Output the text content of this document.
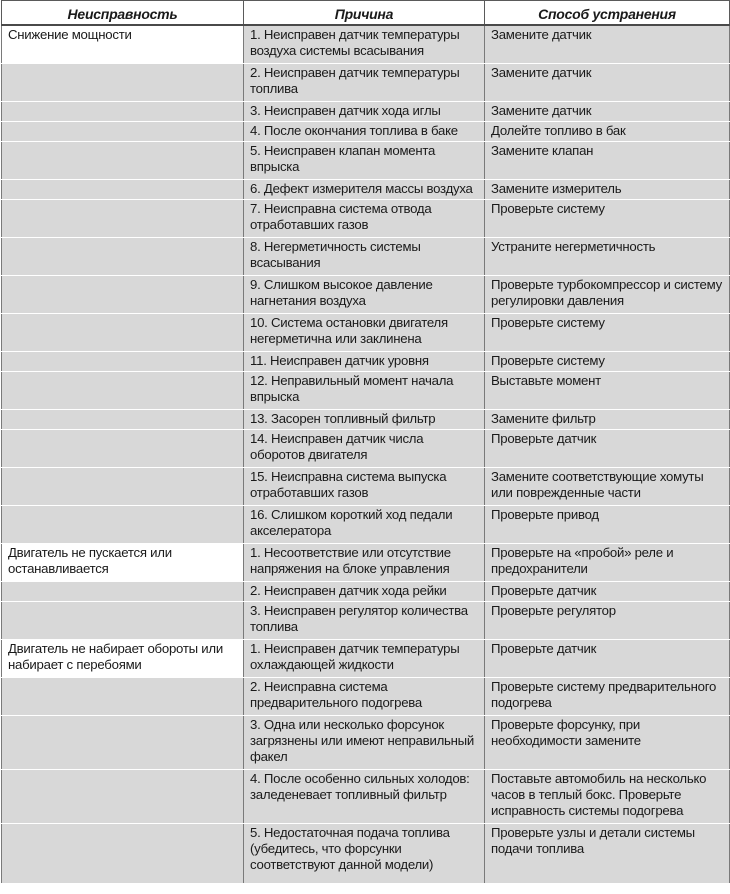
Неисправность	Причина	Способ устранения
Снижение мощности	1. Неисправен датчик температуры воздуха системы всасывания	Замените датчик
	2. Неисправен датчик температуры топлива	Замените датчик
	3. Неисправен датчик хода иглы	Замените датчик
	4. После окончания топлива в баке	Долейте топливо в бак
	5. Неисправен клапан момента впрыска	Замените клапан
	6. Дефект измерителя массы воздуха	Замените измеритель
	7. Неисправна система отвода отработавших газов	Проверьте систему
	8. Негерметичность системы всасывания	Устраните негерметичность
	9. Слишком высокое давление нагнетания воздуха	Проверьте турбокомпрессор и систему регулировки давления
	10. Система остановки двигателя негерметична или заклинена	Проверьте систему
	11. Неисправен датчик уровня	Проверьте систему
	12. Неправильный момент начала впрыска	Выставьте момент
	13. Засорен топливный фильтр	Замените фильтр
	14. Неисправен датчик числа оборотов двигателя	Проверьте датчик
	15. Неисправна система выпуска отработавших газов	Замените соответствующие хомуты или поврежденные части
	16. Слишком короткий ход педали акселератора	Проверьте привод
Двигатель не пускается или останавливается	1. Несоответствие или отсутствие напряжения на блоке управления	Проверьте на «пробой» реле и предохранители
	2. Неисправен датчик хода рейки	Проверьте датчик
	3. Неисправен регулятор количества топлива	Проверьте регулятор
Двигатель не набирает обороты или набирает с перебоями	1. Неисправен датчик температуры охлаждающей жидкости	Проверьте датчик
	2. Неисправна система предварительного подогрева	Проверьте систему предварительного подогрева
	3. Одна или несколько форсунок загрязнены или имеют неправильный факел	Проверьте форсунку, при необходимости замените
	4. После особенно сильных холодов: заледеневает топливный фильтр	Поставьте автомобиль на несколько часов в теплый бокс. Проверьте исправность системы подогрева
	5. Недостаточная подача топлива (убедитесь, что форсунки соответствуют данной модели)	Проверьте узлы и детали системы подачи топлива
